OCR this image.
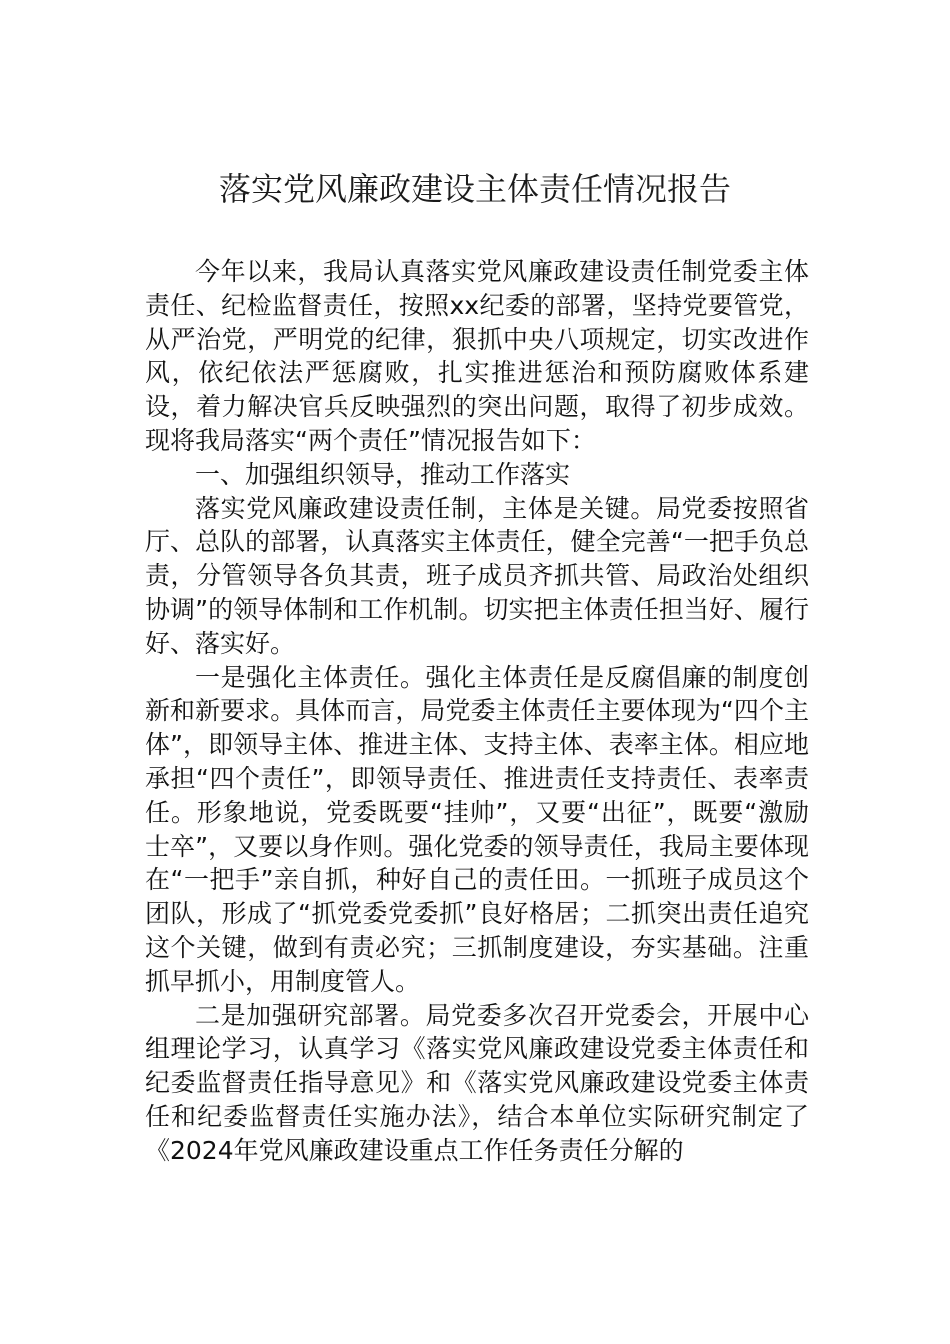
落实党风廉政建设主体责任情况报告

今年以来，我局认真落实党风廉政建设责任制党委主体责任、纪检监督责任，按照xx纪委的部署，坚持党要管党，从严治党，严明党的纪律，狠抓中央八项规定，切实改进作风，依纪依法严惩腐败，扎实推进惩治和预防腐败体系建设，着力解决官兵反映强烈的突出问题，取得了初步成效。现将我局落实“两个责任”情况报告如下：

一、加强组织领导，推动工作落实

落实党风廉政建设责任制，主体是关键。局党委按照省厅、总队的部署，认真落实主体责任，健全完善“一把手负总责，分管领导各负其责，班子成员齐抓共管、局政治处组织协调”的领导体制和工作机制。切实把主体责任担当好、履行好、落实好。

一是强化主体责任。强化主体责任是反腐倡廉的制度创新和新要求。具体而言，局党委主体责任主要体现为“四个主体”，即领导主体、推进主体、支持主体、表率主体。相应地承担“四个责任”，即领导责任、推进责任支持责任、表率责任。形象地说，党委既要“挂帅”，又要“出征”，既要“激励士卒”，又要以身作则。强化党委的领导责任，我局主要体现在“一把手”亲自抓，种好自己的责任田。一抓班子成员这个团队，形成了“抓党委党委抓”良好格居；二抓突出责任追究这个关键，做到有责必究；三抓制度建设，夯实基础。注重抓早抓小，用制度管人。

二是加强研究部署。局党委多次召开党委会，开展中心组理论学习，认真学习《落实党风廉政建设党委主体责任和纪委监督责任指导意见》和《落实党风廉政建设党委主体责任和纪委监督责任实施办法》，结合本单位实际研究制定了《2024年党风廉政建设重点工作任务责任分解的
